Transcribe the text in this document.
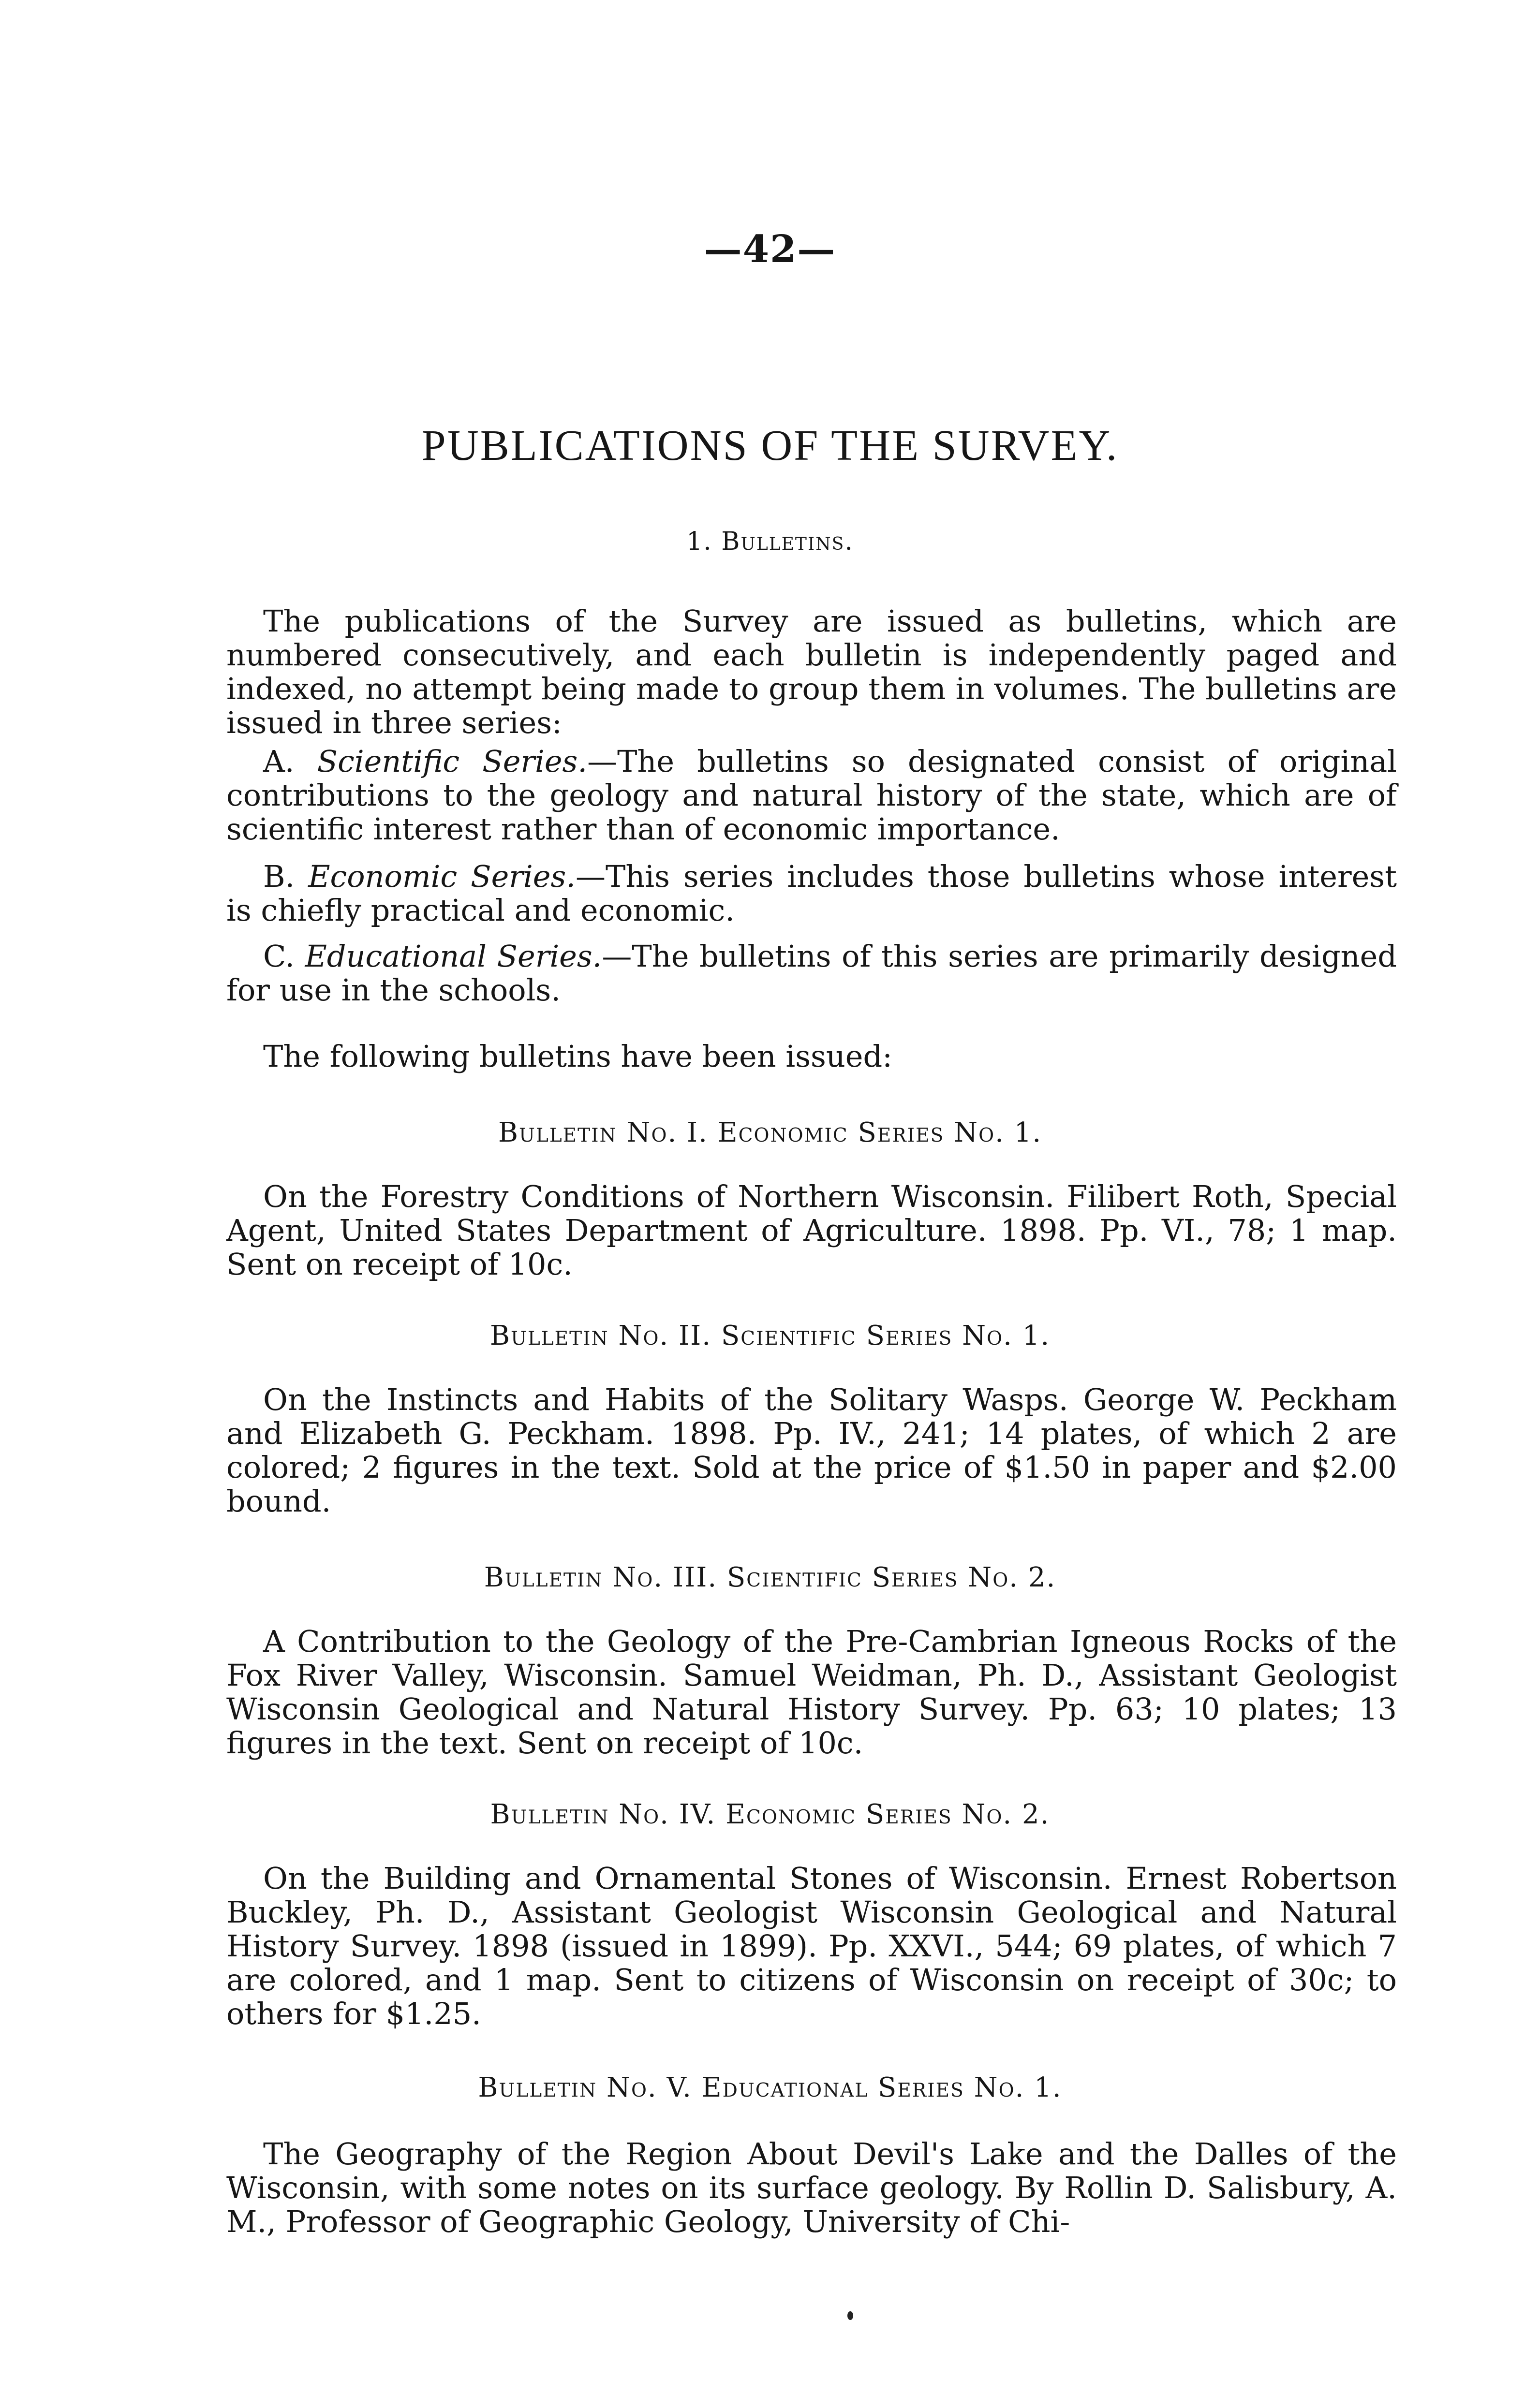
—42—
PUBLICATIONS OF THE SURVEY.
1. Bulletins.

The publications of the Survey are issued as bulletins, which are numbered consecutively, and each bulletin is independently paged and indexed, no attempt being made to group them in volumes. The bulletins are issued in three series:

A. Scientific Series.—The bulletins so designated consist of original contributions to the geology and natural history of the state, which are of scientific interest rather than of economic importance.

B. Economic Series.—This series includes those bulletins whose interest is chiefly practical and economic.

C. Educational Series.—The bulletins of this series are primarily designed for use in the schools.

The following bulletins have been issued:

Bulletin No. I. Economic Series No. 1.

On the Forestry Conditions of Northern Wisconsin. Filibert Roth, Special Agent, United States Department of Agriculture. 1898. Pp. VI., 78; 1 map. Sent on receipt of 10c.

Bulletin No. II. Scientific Series No. 1.

On the Instincts and Habits of the Solitary Wasps. George W. Peckham and Elizabeth G. Peckham. 1898. Pp. IV., 241; 14 plates, of which 2 are colored; 2 figures in the text. Sold at the price of $1.50 in paper and $2.00 bound.

Bulletin No. III. Scientific Series No. 2.

A Contribution to the Geology of the Pre-Cambrian Igneous Rocks of the Fox River Valley, Wisconsin. Samuel Weidman, Ph. D., Assistant Geologist Wisconsin Geological and Natural History Survey. Pp. 63; 10 plates; 13 figures in the text. Sent on receipt of 10c.

Bulletin No. IV. Economic Series No. 2.

On the Building and Ornamental Stones of Wisconsin. Ernest Robertson Buckley, Ph. D., Assistant Geologist Wisconsin Geological and Natural History Survey. 1898 (issued in 1899). Pp. XXVI., 544; 69 plates, of which 7 are colored, and 1 map. Sent to citizens of Wisconsin on receipt of 30c; to others for $1.25.

Bulletin No. V. Educational Series No. 1.

The Geography of the Region About Devil's Lake and the Dalles of the Wisconsin, with some notes on its surface geology. By Rollin D. Salisbury, A. M., Professor of Geographic Geology, University of Chi-
